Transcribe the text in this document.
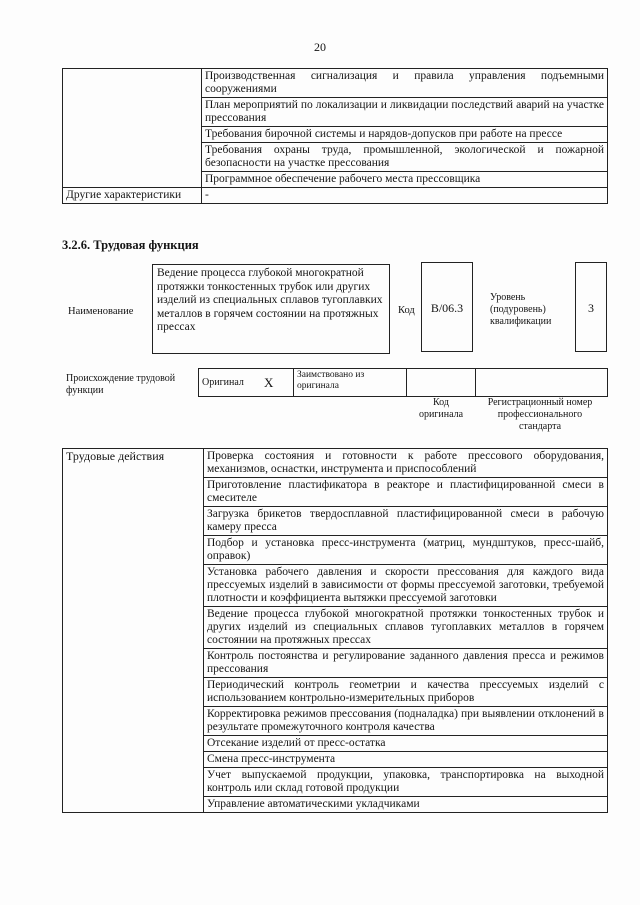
20
	Производственная сигнализация и правила управления подъемными сооружениями
	План мероприятий по локализации и ликвидации последствий аварий на участке прессования
	Требования бирочной системы и нарядов-допусков при работе на прессе
	Требования охраны труда, промышленной, экологической и пожарной безопасности на участке прессования
	Программное обеспечение рабочего места прессовщика
Другие характеристики	-
3.2.6. Трудовая функция
Наименование
Ведение процесса глубокой многократной протяжки тонкостенных трубок или других изделий из специальных сплавов тугоплавких металлов в горячем состоянии на протяжных прессах
Код	B/06.3
Уровень (подуровень) квалификации
3
Происхождение трудовой функции
Оригинал	X	Заимствовано из оригинала		
Код оригинала
Регистрационный номер профессионального стандарта
Трудовые действия	Проверка состояния и готовности к работе прессового оборудования, механизмов, оснастки, инструмента и приспособлений
Приготовление пластификатора в реакторе и пластифицированной смеси в смесителе
Загрузка брикетов твердосплавной пластифицированной смеси в рабочую камеру пресса
Подбор и установка пресс-инструмента (матриц, мундштуков, пресс-шайб, оправок)
Установка рабочего давления и скорости прессования для каждого вида прессуемых изделий в зависимости от формы прессуемой заготовки, требуемой плотности и коэффициента вытяжки прессуемой заготовки
Ведение процесса глубокой многократной протяжки тонкостенных трубок и других изделий из специальных сплавов тугоплавких металлов в горячем состоянии на протяжных прессах
Контроль постоянства и регулирование заданного давления пресса и режимов прессования
Периодический контроль геометрии и качества прессуемых изделий с использованием контрольно-измерительных приборов
Корректировка режимов прессования (подналадка) при выявлении отклонений в результате промежуточного контроля качества
Отсекание изделий от пресс-остатка
Смена пресс-инструмента
Учет выпускаемой продукции, упаковка, транспортировка на выходной контроль или склад готовой продукции
Управление автоматическими укладчиками
